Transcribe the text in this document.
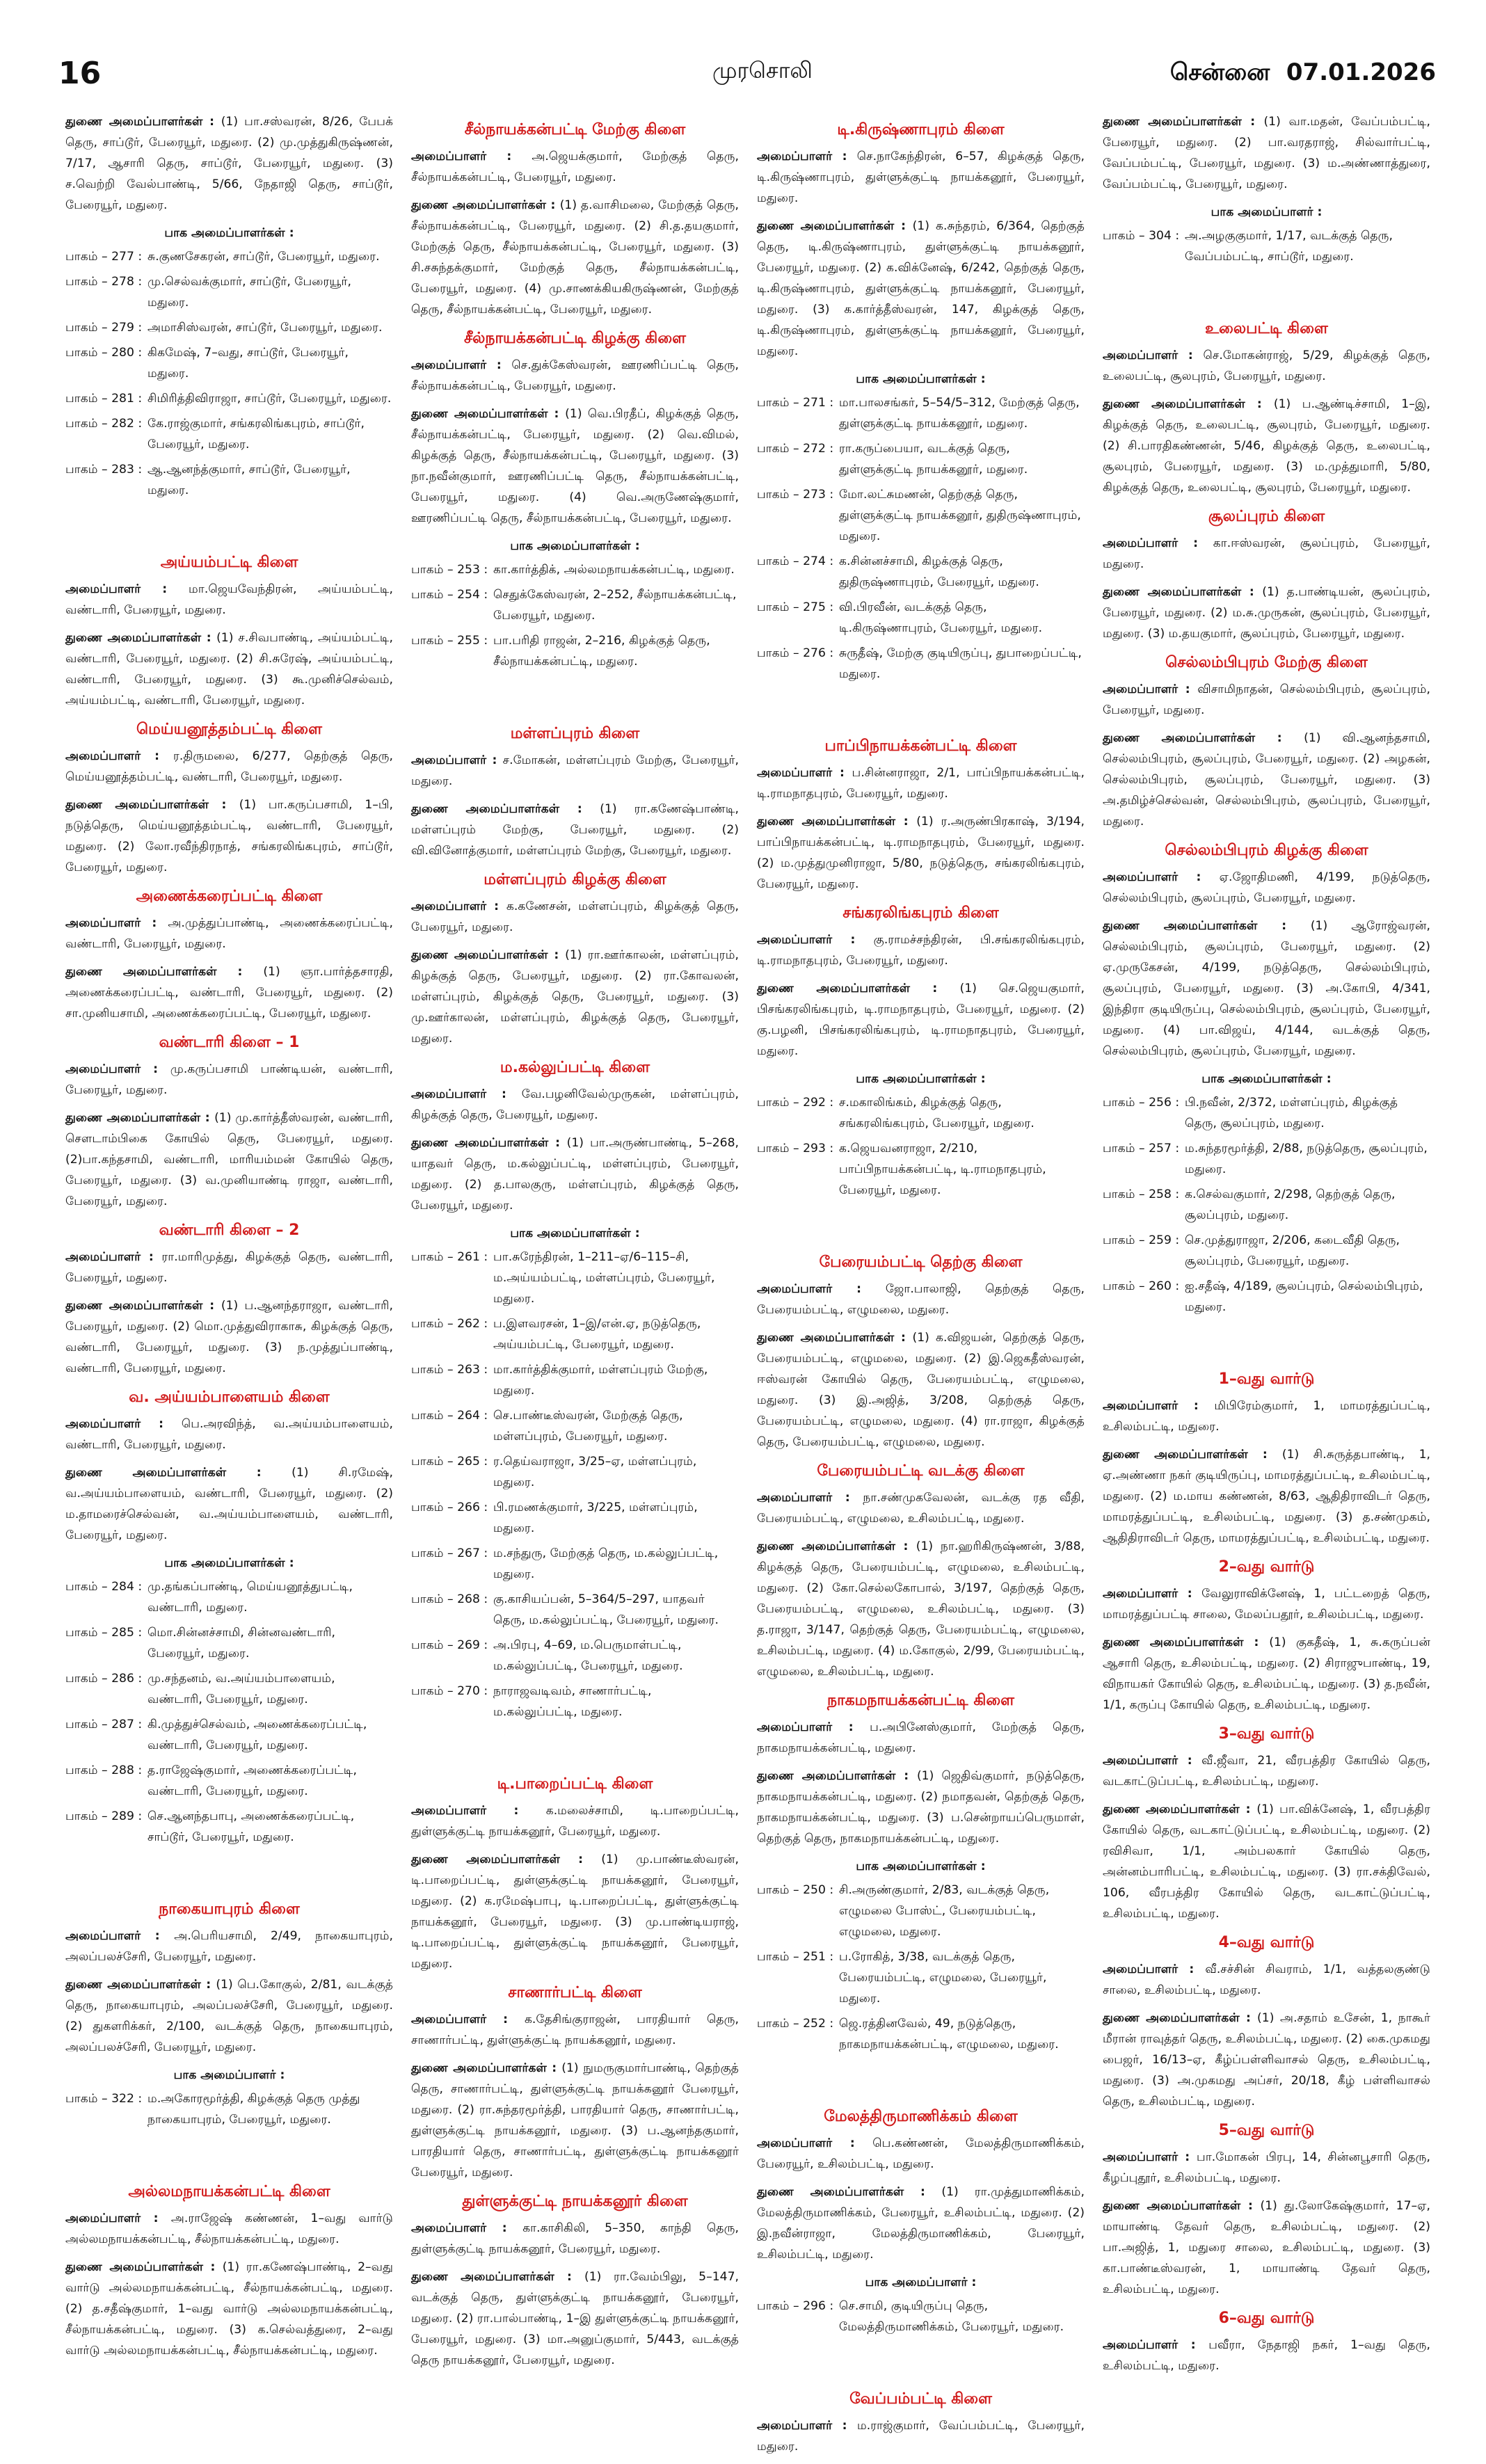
16	முரசொலி	சென்னை 07.01.2026

துணை அமைப்பாளர்கள் : (1) பா.சஸ்வரன், 8/26, பேபக் தெரு, சாப்டூர், பேரையூர், மதுரை. (2) மு.முத்துகிருஷ்ணன், 7/17, ஆசாரி தெரு, சாப்டூர், பேரையூர், மதுரை. (3) ச.வெற்றி வேல்பாண்டி, 5/66, நேதாஜி தெரு, சாப்டூர், பேரையூர், மதுரை.

பாக அமைப்பாளர்கள் :
பாகம் – 277 : சு.குணசேகரன், சாப்டூர், பேரையூர், மதுரை.
பாகம் – 278 : மு.செல்வக்குமார், சாப்டூர், பேரையூர், மதுரை.
பாகம் – 279 : அமாசிஸ்வரன், சாப்டூர், பேரையூர், மதுரை.
பாகம் – 280 : கிகமேஷ், 7–வது, சாப்டூர், பேரையூர், மதுரை.
பாகம் – 281 : சிமிரித்திவிராஜா, சாப்டூர், பேரையூர், மதுரை.
பாகம் – 282 : கே.ராஜ்குமார், சங்கரலிங்கபுரம், சாப்டூர், பேரையூர், மதுரை.
பாகம் – 283 : ஆ.ஆனந்த்குமார், சாப்டூர், பேரையூர், மதுரை.
அய்யம்பட்டி கிளை

அமைப்பாளர் : மா.ஜெயவேந்திரன், அய்யம்பட்டி, வண்டாரி, பேரையூர், மதுரை.

துணை அமைப்பாளர்கள் : (1) ச.சிவபாண்டி, அய்யம்பட்டி, வண்டாரி, பேரையூர், மதுரை. (2) சி.சுரேஷ், அய்யம்பட்டி, வண்டாரி, பேரையூர், மதுரை. (3) கூ.முனிச்செல்வம், அய்யம்பட்டி, வண்டாரி, பேரையூர், மதுரை.

மெய்யனூத்தம்பட்டி கிளை

அமைப்பாளர் : ர.திருமலை, 6/277, தெற்குத் தெரு, மெய்யனூத்தம்பட்டி, வண்டாரி, பேரையூர், மதுரை.

துணை அமைப்பாளர்கள் : (1) பா.கருப்பசாமி, 1–பி, நடுத்தெரு, மெய்யனூத்தம்பட்டி, வண்டாரி, பேரையூர், மதுரை. (2) லோ.ரவீந்திரநாத், சங்கரலிங்கபுரம், சாப்டூர், பேரையூர், மதுரை.

அணைக்கரைப்பட்டி கிளை

அமைப்பாளர் : அ.முத்துப்பாண்டி, அணைக்கரைப்பட்டி, வண்டாரி, பேரையூர், மதுரை.

துணை அமைப்பாளர்கள் : (1) ஞா.பார்த்தசாரதி, அணைக்கரைப்பட்டி, வண்டாரி, பேரையூர், மதுரை. (2) சா.முனியசாமி, அணைக்கரைப்பட்டி, பேரையூர், மதுரை.

வண்டாரி கிளை – 1

அமைப்பாளர் : மு.கருப்பசாமி பாண்டியன், வண்டாரி, பேரையூர், மதுரை.

துணை அமைப்பாளர்கள் : (1) மு.கார்த்தீஸ்வரன், வண்டாரி, சௌடாம்பிகை கோயில் தெரு, பேரையூர், மதுரை. (2)பா.கந்தசாமி, வண்டாரி, மாரியம்மன் கோயில் தெரு, பேரையூர், மதுரை. (3) வ.முனியாண்டி ராஜா, வண்டாரி, பேரையூர், மதுரை.

வண்டாரி கிளை – 2

அமைப்பாளர் : ரா.மாரிமுத்து, கிழக்குத் தெரு, வண்டாரி, பேரையூர், மதுரை.

துணை அமைப்பாளர்கள் : (1) ப.ஆனந்தராஜா, வண்டாரி, பேரையூர், மதுரை. (2) மொ.முத்துவிராகாசு, கிழக்குத் தெரு, வண்டாரி, பேரையூர், மதுரை. (3) ந.முத்துப்பாண்டி, வண்டாரி, பேரையூர், மதுரை.

வ. அய்யம்பாளையம் கிளை

அமைப்பாளர் : பெ.அரவிந்த், வ.அய்யம்பாளையம், வண்டாரி, பேரையூர், மதுரை.

துணை அமைப்பாளர்கள் : (1) சி.ரமேஷ், வ.அய்யம்பாளையம், வண்டாரி, பேரையூர், மதுரை. (2) ம.தாமரைச்செல்வன், வ.அய்யம்பாளையம், வண்டாரி, பேரையூர், மதுரை.

பாக அமைப்பாளர்கள் :
பாகம் – 284 : மு.தங்கப்பாண்டி, மெய்யனூத்துபட்டி, வண்டாரி, மதுரை.
பாகம் – 285 : மொ.சின்னச்சாமி, சின்னவண்டாரி, பேரையூர், மதுரை.
பாகம் – 286 : மு.சந்தனம், வ.அய்யம்பாளையம், வண்டாரி, பேரையூர், மதுரை.
பாகம் – 287 : கி.முத்துச்செல்வம், அணைக்கரைப்பட்டி, வண்டாரி, பேரையூர், மதுரை.
பாகம் – 288 : த.ராஜேஷ்குமார், அணைக்கரைப்பட்டி, வண்டாரி, பேரையூர், மதுரை.
பாகம் – 289 : செ.ஆனந்தபாபு, அணைக்கரைப்பட்டி, சாப்டூர், பேரையூர், மதுரை.
நாகையாபுரம் கிளை

அமைப்பாளர் : அ.பெரியசாமி, 2/49, நாகையாபுரம், அலப்பலச்சேரி, பேரையூர், மதுரை.

துணை அமைப்பாளர்கள் : (1) பெ.கோகுல், 2/81, வடக்குத் தெரு, நாகையாபுரம், அலப்பலச்சேரி, பேரையூர், மதுரை. (2) துகளரிக்கர், 2/100, வடக்குத் தெரு, நாகையாபுரம், அலப்பலச்சேரி, பேரையூர், மதுரை.

பாக அமைப்பாளர் :
பாகம் – 322 : ம.அகோரமூர்த்தி, கிழக்குத் தெரு முத்து நாகையாபுரம், பேரையூர், மதுரை.
அல்லமநாயக்கன்பட்டி கிளை

அமைப்பாளர் : அ.ராஜேஷ் கண்ணன், 1–வது வார்டு அல்லமநாயக்கன்பட்டி, சீல்நாயக்கன்பட்டி, மதுரை.

துணை அமைப்பாளர்கள் : (1) ரா.கணேஷ்பாண்டி, 2–வது வார்டு அல்லமநாயக்கன்பட்டி, சீல்நாயக்கன்பட்டி, மதுரை. (2) த.சதீஷ்குமார், 1–வது வார்டு அல்லமநாயக்கன்பட்டி, சீல்நாயக்கன்பட்டி, மதுரை. (3) க.செல்வத்துரை, 2–வது வார்டு அல்லமநாயக்கன்பட்டி, சீல்நாயக்கன்பட்டி, மதுரை.

சீல்நாயக்கன்பட்டி மேற்கு கிளை

அமைப்பாளர் : அ.ஜெயக்குமார், மேற்குத் தெரு, சீல்நாயக்கன்பட்டி, பேரையூர், மதுரை.

துணை அமைப்பாளர்கள் : (1) த.வாசிமலை, மேற்குத் தெரு, சீல்நாயக்கன்பட்டி, பேரையூர், மதுரை. (2) சி.த.தயகுமார், மேற்குத் தெரு, சீல்நாயக்கன்பட்டி, பேரையூர், மதுரை. (3) சி.சசுந்தக்குமார், மேற்குத் தெரு, சீல்நாயக்கன்பட்டி, பேரையூர், மதுரை. (4) மு.சாணக்கியகிருஷ்ணன், மேற்குத் தெரு, சீல்நாயக்கன்பட்டி, பேரையூர், மதுரை.

சீல்நாயக்கன்பட்டி கிழக்கு கிளை

அமைப்பாளர் : செ.துக்கேஸ்வரன், ஊரணிப்பட்டி தெரு, சீல்நாயக்கன்பட்டி, பேரையூர், மதுரை.

துணை அமைப்பாளர்கள் : (1) வெ.பிரதீப், கிழக்குத் தெரு, சீல்நாயக்கன்பட்டி, பேரையூர், மதுரை. (2) வெ.விமல், கிழக்குத் தெரு, சீல்நாயக்கன்பட்டி, பேரையூர், மதுரை. (3) நா.நவீன்குமார், ஊரணிப்பட்டி தெரு, சீல்நாயக்கன்பட்டி, பேரையூர், மதுரை. (4) வெ.அருணேஷ்குமார், ஊரணிப்பட்டி தெரு, சீல்நாயக்கன்பட்டி, பேரையூர், மதுரை.

பாக அமைப்பாளர்கள் :
பாகம் – 253 : கா.கார்த்திக், அல்லமநாயக்கன்பட்டி, மதுரை.
பாகம் – 254 : செதுக்கேஸ்வரன், 2–252, சீல்நாயக்கன்பட்டி, பேரையூர், மதுரை.
பாகம் – 255 : பா.பரிதி ராஜன், 2–216, கிழக்குத் தெரு, சீல்நாயக்கன்பட்டி, மதுரை.
மள்ளப்புரம் கிளை

அமைப்பாளர் : ச.மோகன், மள்ளப்புரம் மேற்கு, பேரையூர், மதுரை.

துணை அமைப்பாளர்கள் : (1) ரா.கணேஷ்பாண்டி, மள்ளப்புரம் மேற்கு, பேரையூர், மதுரை. (2) வி.வினோத்குமார், மள்ளப்புரம் மேற்கு, பேரையூர், மதுரை.

மள்ளப்புரம் கிழக்கு கிளை

அமைப்பாளர் : க.கணேசன், மள்ளப்புரம், கிழக்குத் தெரு, பேரையூர், மதுரை.

துணை அமைப்பாளர்கள் : (1) ரா.ஊர்காலன், மள்ளப்புரம், கிழக்குத் தெரு, பேரையூர், மதுரை. (2) ரா.கோவலன், மள்ளப்புரம், கிழக்குத் தெரு, பேரையூர், மதுரை. (3) மு.ஊர்காலன், மள்ளப்புரம், கிழக்குத் தெரு, பேரையூர், மதுரை.

ம.கல்லுப்பட்டி கிளை

அமைப்பாளர் : வே.பழனிவேல்முருகன், மள்ளப்புரம், கிழக்குத் தெரு, பேரையூர், மதுரை.

துணை அமைப்பாளர்கள் : (1) பா.அருண்பாண்டி, 5–268, யாதவர் தெரு, ம.கல்லுப்பட்டி, மள்ளப்புரம், பேரையூர், மதுரை. (2) த.பாலகுரு, மள்ளப்புரம், கிழக்குத் தெரு, பேரையூர், மதுரை.

பாக அமைப்பாளர்கள் :
பாகம் – 261 : பா.சுரேந்திரன், 1–211–ஏ/6–115–சி, ம.அய்யம்பட்டி, மள்ளப்புரம், பேரையூர், மதுரை.
பாகம் – 262 : ப.இளவரசன், 1–இ/என்.ஏ, நடுத்தெரு, அய்யம்பட்டி, பேரையூர், மதுரை.
பாகம் – 263 : மா.கார்த்திக்குமார், மள்ளப்புரம் மேற்கு, மதுரை.
பாகம் – 264 : செ.பாண்டீஸ்வரன், மேற்குத் தெரு, மள்ளப்புரம், பேரையூர், மதுரை.
பாகம் – 265 : ர.தெய்வராஜா, 3/25–ஏ, மள்ளப்புரம், மதுரை.
பாகம் – 266 : பி.ரமணக்குமார், 3/225, மள்ளப்புரம், மதுரை.
பாகம் – 267 : ம.சந்துரு, மேற்குத் தெரு, ம.கல்லுப்பட்டி, மதுரை.
பாகம் – 268 : கு.காசியப்பன், 5–364/5–297, யாதவர் தெரு, ம.கல்லுப்பட்டி, பேரையூர், மதுரை.
பாகம் – 269 : அ.பிரபு, 4–69, ம.பெருமாள்பட்டி, ம.கல்லுப்பட்டி, பேரையூர், மதுரை.
பாகம் – 270 : நாராஜவடிவம், சாணார்பட்டி, ம.கல்லுப்பட்டி, மதுரை.
டி.பாறைப்பட்டி கிளை

அமைப்பாளர் : க.மலைச்சாமி, டி.பாறைப்பட்டி, துள்ளுக்குட்டி நாயக்கனூர், பேரையூர், மதுரை.

துணை அமைப்பாளர்கள் : (1) மு.பாண்டீஸ்வரன், டி.பாறைப்பட்டி, துள்ளுக்குட்டி நாயக்கனூர், பேரையூர், மதுரை. (2) க.ரமேஷ்பாபு, டி.பாறைப்பட்டி, துள்ளுக்குட்டி நாயக்கனூர், பேரையூர், மதுரை. (3) மு.பாண்டியராஜ், டி.பாறைப்பட்டி, துள்ளுக்குட்டி நாயக்கனூர், பேரையூர், மதுரை.

சாணார்பட்டி கிளை

அமைப்பாளர் : க.தேசிங்குராஜன், பாரதியார் தெரு, சாணார்பட்டி, துள்ளுக்குட்டி நாயக்கனூர், மதுரை.

துணை அமைப்பாளர்கள் : (1) நுமருகுமார்பாண்டி, தெற்குத் தெரு, சாணார்பட்டி, துள்ளுக்குட்டி நாயக்கனூர் பேரையூர், மதுரை. (2) ரா.சுந்தரமூர்த்தி, பாரதியார் தெரு, சாணார்பட்டி, துள்ளுக்குட்டி நாயக்கனூர், மதுரை. (3) ப.ஆனந்தகுமார், பாரதியார் தெரு, சாணார்பட்டி, துள்ளுக்குட்டி நாயக்கனூர் பேரையூர், மதுரை.

துள்ளுக்குட்டி நாயக்கனூர் கிளை

அமைப்பாளர் : கா.காசிகிலி, 5–350, காந்தி தெரு, துள்ளுக்குட்டி நாயக்கனூர், பேரையூர், மதுரை.

துணை அமைப்பாளர்கள் : (1) ரா.வேம்பிலு, 5–147, வடக்குத் தெரு, துள்ளுக்குட்டி நாயக்கனூர், பேரையூர், மதுரை. (2) ரா.பால்பாண்டி, 1–இ துள்ளுக்குட்டி நாயக்கனூர், பேரையூர், மதுரை. (3) மா.அனுப்குமார், 5/443, வடக்குத் தெரு நாயக்கனூர், பேரையூர், மதுரை.

டி.கிருஷ்ணாபுரம் கிளை

அமைப்பாளர் : செ.நாகேந்திரன், 6–57, கிழக்குத் தெரு, டி.கிருஷ்ணாபுரம், துள்ளுக்குட்டி நாயக்கனூர், பேரையூர், மதுரை.

துணை அமைப்பாளர்கள் : (1) க.சுந்தரம், 6/364, தெற்குத் தெரு, டி.கிருஷ்ணாபுரம், துள்ளுக்குட்டி நாயக்கனூர், பேரையூர், மதுரை. (2) க.விக்னேஷ், 6/242, தெற்குத் தெரு, டி.கிருஷ்ணாபுரம், துள்ளுக்குட்டி நாயக்கனூர், பேரையூர், மதுரை. (3) க.கார்த்தீஸ்வரன், 147, கிழக்குத் தெரு, டி.கிருஷ்ணாபுரம், துள்ளுக்குட்டி நாயக்கனூர், பேரையூர், மதுரை.

பாக அமைப்பாளர்கள் :
பாகம் – 271 : மா.பாலசங்கர், 5–54/5–312, மேற்குத் தெரு, துள்ளுக்குட்டி நாயக்கனூர், மதுரை.
பாகம் – 272 : ரா.கருப்பையா, வடக்குத் தெரு, துள்ளுக்குட்டி நாயக்கனூர், மதுரை.
பாகம் – 273 : மோ.லட்சுமணன், தெற்குத் தெரு, துள்ளுக்குட்டி நாயக்கனூர், துதிருஷ்ணாபுரம், மதுரை.
பாகம் – 274 : க.சின்னச்சாமி, கிழக்குத் தெரு, துதிருஷ்ணாபுரம், பேரையூர், மதுரை.
பாகம் – 275 : வி.பிரவீன், வடக்குத் தெரு, டி.கிருஷ்ணாபுரம், பேரையூர், மதுரை.
பாகம் – 276 : சுருதீஷ், மேற்கு குடியிருப்பு, துபாறைப்பட்டி, மதுரை.
பாப்பிநாயக்கன்பட்டி கிளை

அமைப்பாளர் : ப.சின்னராஜா, 2/1, பாப்பிநாயக்கன்பட்டி, டி.ராமநாதபுரம், பேரையூர், மதுரை.

துணை அமைப்பாளர்கள் : (1) ர.அருண்பிரகாஷ், 3/194, பாப்பிநாயக்கன்பட்டி, டி.ராமநாதபுரம், பேரையூர், மதுரை. (2) ம.முத்துமுனிராஜா, 5/80, நடுத்தெரு, சங்கரலிங்கபுரம், பேரையூர், மதுரை.

சங்கரலிங்கபுரம் கிளை

அமைப்பாளர் : கு.ராமச்சந்திரன், பி.சங்கரலிங்கபுரம், டி.ராமநாதபுரம், பேரையூர், மதுரை.

துணை அமைப்பாளர்கள் : (1) செ.ஜெயகுமார், பிசங்கரலிங்கபுரம், டி.ராமநாதபுரம், பேரையூர், மதுரை. (2) கு.பழனி, பிசங்கரலிங்கபுரம், டி.ராமநாதபுரம், பேரையூர், மதுரை.

பாக அமைப்பாளர்கள் :
பாகம் – 292 : ச.மகாலிங்கம், கிழக்குத் தெரு, சங்கரலிங்கபுரம், பேரையூர், மதுரை.
பாகம் – 293 : க.ஜெயவனராஜா, 2/210, பாப்பிநாயக்கன்பட்டி, டி.ராமநாதபுரம், பேரையூர், மதுரை.
பேரையம்பட்டி தெற்கு கிளை

அமைப்பாளர் : ஜோ.பாலாஜி, தெற்குத் தெரு, பேரையம்பட்டி, எழுமலை, மதுரை.

துணை அமைப்பாளர்கள் : (1) க.விஜயன், தெற்குத் தெரு, பேரையம்பட்டி, எழுமலை, மதுரை. (2) இ.ஜெகதீஸ்வரன், ஈஸ்வரன் கோயில் தெரு, பேரையம்பட்டி, எழுமலை, மதுரை. (3) இ.அஜித், 3/208, தெற்குத் தெரு, பேரையம்பட்டி, எழுமலை, மதுரை. (4) ரா.ராஜா, கிழக்குத் தெரு, பேரையம்பட்டி, எழுமலை, மதுரை.

பேரையம்பட்டி வடக்கு கிளை

அமைப்பாளர் : நா.சண்முகவேலன், வடக்கு ரத வீதி, பேரையம்பட்டி, எழுமலை, உசிலம்பட்டி, மதுரை.

துணை அமைப்பாளர்கள் : (1) நா.ஹரிகிருஷ்ணன், 3/88, கிழக்குத் தெரு, பேரையம்பட்டி, எழுமலை, உசிலம்பட்டி, மதுரை. (2) கோ.செல்லகோபால், 3/197, தெற்குத் தெரு, பேரையம்பட்டி, எழுமலை, உசிலம்பட்டி, மதுரை. (3) த.ராஜா, 3/147, தெற்குத் தெரு, பேரையம்பட்டி, எழுமலை, உசிலம்பட்டி, மதுரை. (4) ம.கோகுல், 2/99, பேரையம்பட்டி, எழுமலை, உசிலம்பட்டி, மதுரை.

நாகமநாயக்கன்பட்டி கிளை

அமைப்பாளர் : ப.அபினேஸ்குமார், மேற்குத் தெரு, நாகமநாயக்கன்பட்டி, மதுரை.

துணை அமைப்பாளர்கள் : (1) ஜெதிவ்குமார், நடுத்தெரு, நாகமநாயக்கன்பட்டி, மதுரை. (2) நமாதவன், தெற்குத் தெரு, நாகமநாயக்கன்பட்டி, மதுரை. (3) ப.சென்றாயப்பெருமாள், தெற்குத் தெரு, நாகமநாயக்கன்பட்டி, மதுரை.

பாக அமைப்பாளர்கள் :
பாகம் – 250 : சி.அருண்குமார், 2/83, வடக்குத் தெரு, எழுமலை போஸ்ட், பேரையம்பட்டி, எழுமலை, மதுரை.
பாகம் – 251 : ப.ரோகித், 3/38, வடக்குத் தெரு, பேரையம்பட்டி, எழுமலை, பேரையூர், மதுரை.
பாகம் – 252 : ஜெ.ரத்தினவேல், 49, நடுத்தெரு, நாகமநாயக்கன்பட்டி, எழுமலை, மதுரை.
மேலத்திருமாணிக்கம் கிளை

அமைப்பாளர் : பெ.கண்ணன், மேலத்திருமாணிக்கம், பேரையூர், உசிலம்பட்டி, மதுரை.

துணை அமைப்பாளர்கள் : (1) ரா.முத்துமாணிக்கம், மேலத்திருமாணிக்கம், பேரையூர், உசிலம்பட்டி, மதுரை. (2) இ.நவீன்ராஜா, மேலத்திருமாணிக்கம், பேரையூர், உசிலம்பட்டி, மதுரை.

பாக அமைப்பாளர் :
பாகம் – 296 : செ.சாமி, குடியிருப்பு தெரு, மேலத்திருமாணிக்கம், பேரையூர், மதுரை.
வேப்பம்பட்டி கிளை

அமைப்பாளர் : ம.ராஜ்குமார், வேப்பம்பட்டி, பேரையூர், மதுரை.

துணை அமைப்பாளர்கள் : (1) வா.மதன், வேப்பம்பட்டி, பேரையூர், மதுரை. (2) பா.வரதராஜ், சில்வார்பட்டி, வேப்பம்பட்டி, பேரையூர், மதுரை. (3) ம.அண்ணாத்துரை, வேப்பம்பட்டி, பேரையூர், மதுரை.

பாக அமைப்பாளர் :
பாகம் – 304 : அ.அழகுகுமார், 1/17, வடக்குத் தெரு, வேப்பம்பட்டி, சாப்டூர், மதுரை.
உலைபட்டி கிளை

அமைப்பாளர் : செ.மோகன்ராஜ், 5/29, கிழக்குத் தெரு, உலைபட்டி, சூலபுரம், பேரையூர், மதுரை.

துணை அமைப்பாளர்கள் : (1) ப.ஆண்டிச்சாமி, 1–இ, கிழக்குத் தெரு, உலைபட்டி, சூலபுரம், பேரையூர், மதுரை. (2) சி.பாரதிகண்ணன், 5/46, கிழக்குத் தெரு, உலைபட்டி, சூலபுரம், பேரையூர், மதுரை. (3) ம.முத்துமாரி, 5/80, கிழக்குத் தெரு, உலைபட்டி, சூலபுரம், பேரையூர், மதுரை.

சூலப்புரம் கிளை

அமைப்பாளர் : கா.ஈஸ்வரன், சூலப்புரம், பேரையூர், மதுரை.

துணை அமைப்பாளர்கள் : (1) த.பாண்டியன், சூலப்புரம், பேரையூர், மதுரை. (2) ம.சு.முருகன், சூலப்புரம், பேரையூர், மதுரை. (3) ம.தயகுமார், சூலப்புரம், பேரையூர், மதுரை.

செல்லம்பிபுரம் மேற்கு கிளை

அமைப்பாளர் : விசாமிநாதன், செல்லம்பிபுரம், சூலப்புரம், பேரையூர், மதுரை.

துணை அமைப்பாளர்கள் : (1) வி.ஆனந்தசாமி, செல்லம்பிபுரம், சூலப்புரம், பேரையூர், மதுரை. (2) அழகன், செல்லம்பிபுரம், சூலப்புரம், பேரையூர், மதுரை. (3) அ.தமிழ்ச்செல்வன், செல்லம்பிபுரம், சூலப்புரம், பேரையூர், மதுரை.

செல்லம்பிபுரம் கிழக்கு கிளை

அமைப்பாளர் : ஏ.ஜோதிமணி, 4/199, நடுத்தெரு, செல்லம்பிபுரம், சூலப்புரம், பேரையூர், மதுரை.

துணை அமைப்பாளர்கள் : (1) ஆரோஜ்வரன், செல்லம்பிபுரம், சூலப்புரம், பேரையூர், மதுரை. (2) ஏ.முருகேசன், 4/199, நடுத்தெரு, செல்லம்பிபுரம், சூலப்புரம், பேரையூர், மதுரை. (3) அ.கோபி, 4/341, இந்திரா குடியிருப்பு, செல்லம்பிபுரம், சூலப்புரம், பேரையூர், மதுரை. (4) பா.விஜய், 4/144, வடக்குத் தெரு, செல்லம்பிபுரம், சூலப்புரம், பேரையூர், மதுரை.

பாக அமைப்பாளர்கள் :
பாகம் – 256 : பி.நவீன், 2/372, மள்ளப்புரம், கிழக்குத் தெரு, சூலப்புரம், மதுரை.
பாகம் – 257 : ம.சுந்தரமூர்த்தி, 2/88, நடுத்தெரு, சூலப்புரம், மதுரை.
பாகம் – 258 : க.செல்வகுமார், 2/298, தெற்குத் தெரு, சூலப்புரம், மதுரை.
பாகம் – 259 : செ.முத்துராஜா, 2/206, கடைவீதி தெரு, சூலப்புரம், பேரையூர், மதுரை.
பாகம் – 260 : ஐ.சதீஷ், 4/189, சூலப்புரம், செல்லம்பிபுரம், மதுரை.
1–வது வார்டு

அமைப்பாளர் : மிபிரேம்குமார், 1, மாமரத்துப்பட்டி, உசிலம்பட்டி, மதுரை.

துணை அமைப்பாளர்கள் : (1) சி.சுருத்தபாண்டி, 1, ஏ.அண்ணா நகர் குடியிருப்பு, மாமரத்துப்பட்டி, உசிலம்பட்டி, மதுரை. (2) ம.மாய கண்ணன், 8/63, ஆதிதிராவிடர் தெரு, மாமரத்துப்பட்டி, உசிலம்பட்டி, மதுரை. (3) த.சண்முகம், ஆதிதிராவிடர் தெரு, மாமரத்துப்பட்டி, உசிலம்பட்டி, மதுரை.

2–வது வார்டு

அமைப்பாளர் : வேலுராவிக்னேஷ், 1, பட்டறைத் தெரு, மாமரத்துப்பட்டி சாலை, மேலப்பதூர், உசிலம்பட்டி, மதுரை.

துணை அமைப்பாளர்கள் : (1) குகதீஷ், 1, சு.கருப்பன் ஆசாரி தெரு, உசிலம்பட்டி, மதுரை. (2) சிராஜுபாண்டி, 19, விநாயகர் கோயில் தெரு, உசிலம்பட்டி, மதுரை. (3) த.நவீன், 1/1, கருப்பு கோயில் தெரு, உசிலம்பட்டி, மதுரை.

3–வது வார்டு

அமைப்பாளர் : வீ.ஜீவா, 21, வீரபத்திர கோயில் தெரு, வடகாட்டுப்பட்டி, உசிலம்பட்டி, மதுரை.

துணை அமைப்பாளர்கள் : (1) பா.விக்னேஷ், 1, வீரபத்திர கோயில் தெரு, வடகாட்டுப்பட்டி, உசிலம்பட்டி, மதுரை. (2) ரவிசிவா, 1/1, அம்பலகார் கோயில் தெரு, அன்னம்பாரிபட்டி, உசிலம்பட்டி, மதுரை. (3) ரா.சக்திவேல், 106, வீரபத்திர கோயில் தெரு, வடகாட்டுப்பட்டி, உசிலம்பட்டி, மதுரை.

4–வது வார்டு

அமைப்பாளர் : வீ.சச்சின் சிவராம், 1/1, வத்தலகுண்டு சாலை, உசிலம்பட்டி, மதுரை.

துணை அமைப்பாளர்கள் : (1) அ.சதாம் உசேன், 1, நாகூர் மீரான் ராவுத்தர் தெரு, உசிலம்பட்டி, மதுரை. (2) கை.முகமது பைஜர், 16/13–ஏ, கீழ்ப்பள்ளிவாசல் தெரு, உசிலம்பட்டி, மதுரை. (3) அ.முகமது அப்சர், 20/18, கீழ் பள்ளிவாசல் தெரு, உசிலம்பட்டி, மதுரை.

5–வது வார்டு

அமைப்பாளர் : பா.மோகன் பிரபு, 14, சின்னபூசாரி தெரு, கீழப்புதூர், உசிலம்பட்டி, மதுரை.

துணை அமைப்பாளர்கள் : (1) து.லோகேஷ்குமார், 17–ஏ, மாயாண்டி தேவர் தெரு, உசிலம்பட்டி, மதுரை. (2) பா.அஜித், 1, மதுரை சாலை, உசிலம்பட்டி, மதுரை. (3) கா.பாண்டீஸ்வரன், 1, மாயாண்டி தேவர் தெரு, உசிலம்பட்டி, மதுரை.

6–வது வார்டு

அமைப்பாளர் : பவீரா, நேதாஜி நகர், 1–வது தெரு, உசிலம்பட்டி, மதுரை.
